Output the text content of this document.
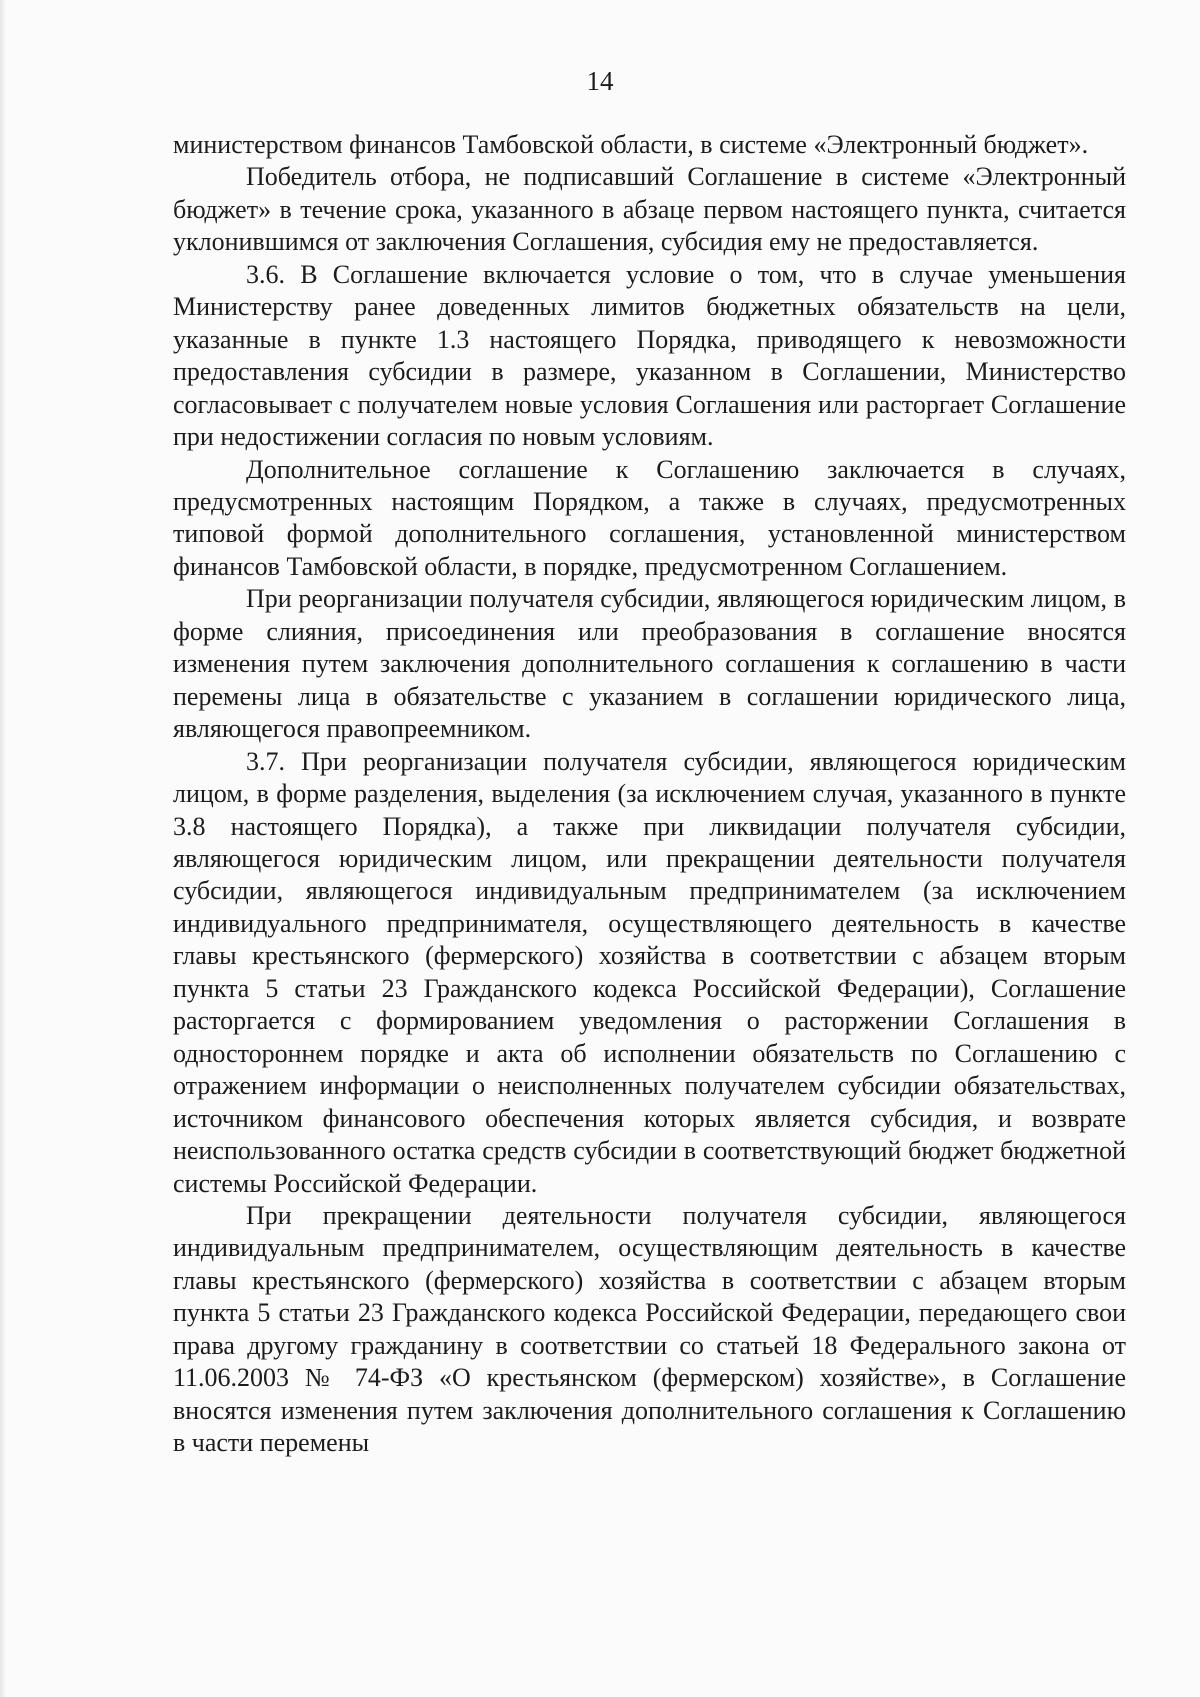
14

министерством финансов Тамбовской области, в системе «Электронный бюджет».

Победитель отбора, не подписавший Соглашение в системе «Электронный бюджет» в течение срока, указанного в абзаце первом настоящего пункта, считается уклонившимся от заключения Соглашения, субсидия ему не предоставляется.

3.6. В Соглашение включается условие о том, что в случае уменьшения Министерству ранее доведенных лимитов бюджетных обязательств на цели, указанные в пункте 1.3 настоящего Порядка, приводящего к невозможности предоставления субсидии в размере, указанном в Соглашении, Министерство согласовывает с получателем новые условия Соглашения или расторгает Соглашение при недостижении согласия по новым условиям.

Дополнительное соглашение к Соглашению заключается в случаях, предусмотренных настоящим Порядком, а также в случаях, предусмотренных типовой формой дополнительного соглашения, установленной министерством финансов Тамбовской области, в порядке, предусмотренном Соглашением.

При реорганизации получателя субсидии, являющегося юридическим лицом, в форме слияния, присоединения или преобразования в соглашение вносятся изменения путем заключения дополнительного соглашения к соглашению в части перемены лица в обязательстве с указанием в соглашении юридического лица, являющегося правопреемником.

3.7. При реорганизации получателя субсидии, являющегося юридическим лицом, в форме разделения, выделения (за исключением случая, указанного в пункте 3.8 настоящего Порядка), а также при ликвидации получателя субсидии, являющегося юридическим лицом, или прекращении деятельности получателя субсидии, являющегося индивидуальным предпринимателем (за исключением индивидуального предпринимателя, осуществляющего деятельность в качестве главы крестьянского (фермерского) хозяйства в соответствии с абзацем вторым пункта 5 статьи 23 Гражданского кодекса Российской Федерации), Соглашение расторгается с формированием уведомления о расторжении Соглашения в одностороннем порядке и акта об исполнении обязательств по Соглашению с отражением информации о неисполненных получателем субсидии обязательствах, источником финансового обеспечения которых является субсидия, и возврате неиспользованного остатка средств субсидии в соответствующий бюджет бюджетной системы Российской Федерации.

При прекращении деятельности получателя субсидии, являющегося индивидуальным предпринимателем, осуществляющим деятельность в качестве главы крестьянского (фермерского) хозяйства в соответствии с абзацем вторым пункта 5 статьи 23 Гражданского кодекса Российской Федерации, передающего свои права другому гражданину в соответствии со статьей 18 Федерального закона от 11.06.2003 № 74-ФЗ «О крестьянском (фермерском) хозяйстве», в Соглашение вносятся изменения путем заключения дополнительного соглашения к Соглашению в части перемены
